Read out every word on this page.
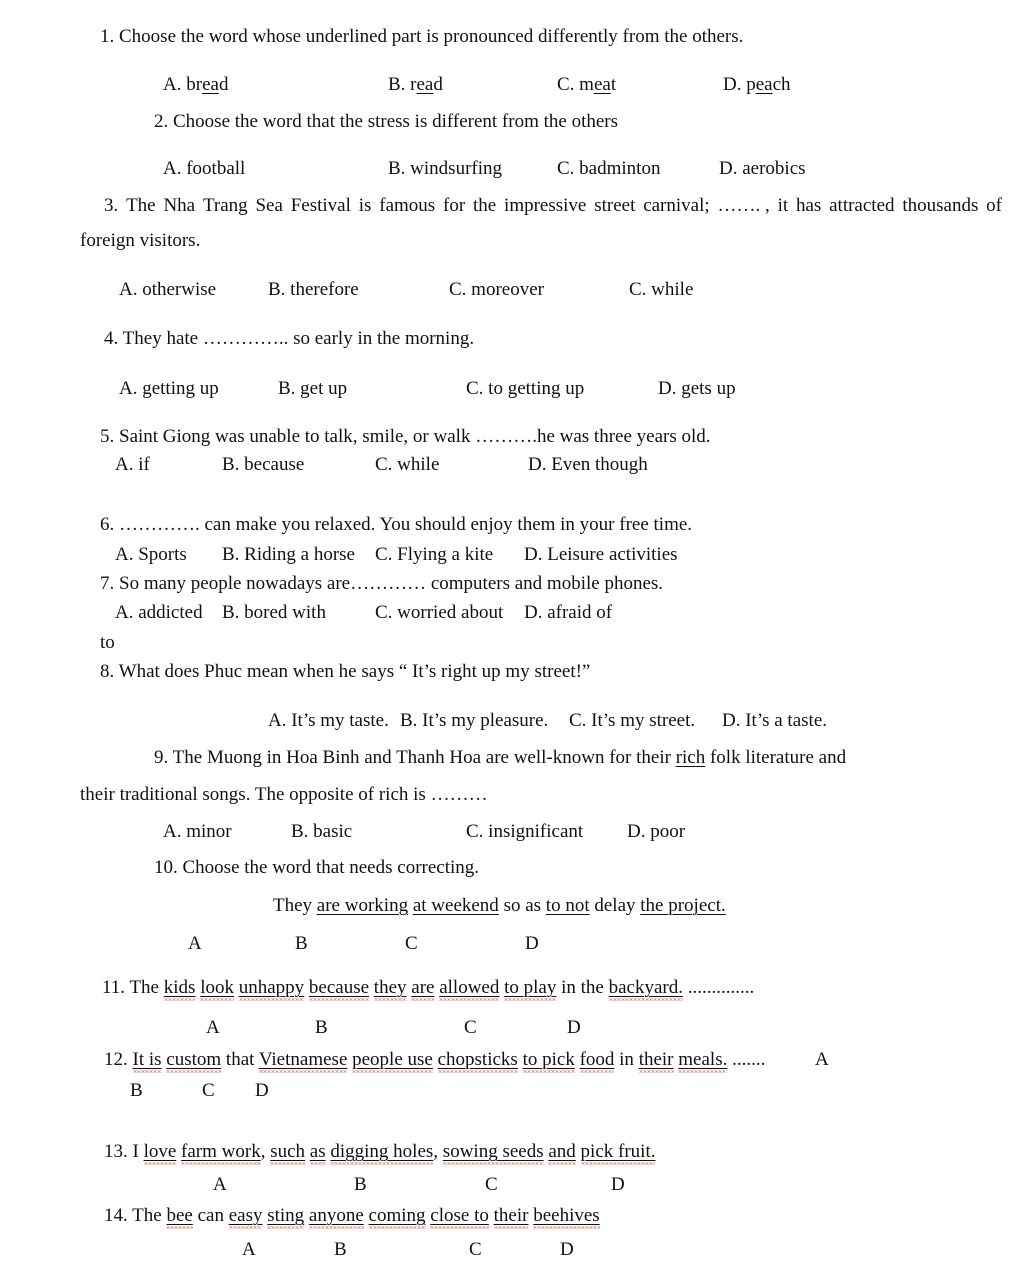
1. Choose the word whose underlined part is pronounced differently from the others.
A. bread	B. read	C. meat	D. peach
2. Choose the word that the stress is different from the others
A. football	B. windsurfing	C. badminton	D. aerobics
3. The Nha Trang Sea Festival is famous for the impressive street carnival; ……. , it has attracted thousands of
foreign visitors.
A. otherwise	B. therefore	C. moreover	C. while
4. They hate ………….. so early in the morning.
A. getting up	B. get up	C. to getting up	D. gets up
5. Saint Giong was unable to talk, smile, or walk ……….he was three years old.
A. if	B. because	C. while	D. Even though
6. …………. can make you relaxed. You should enjoy them in your free time.
A. Sports B. Riding a horse C. Flying a kite D. Leisure activities
7. So many people nowadays are………… computers and mobile phones.
A. addicted B. bored with	C. worried about D. afraid of
to
8. What does Phuc mean when he says “ It’s right up my street!”
A. It’s my taste. B. It’s my pleasure. C. It’s my street. D. It’s a taste.
9. The Muong in Hoa Binh and Thanh Hoa are well-known for their rich folk literature and
their traditional songs. The opposite of rich is ………
A. minor	B. basic	C. insignificant D. poor
10. Choose the word that needs correcting.
They are working at weekend so as to not delay the project.
A	B	C	D
11. The kids look unhappy because they are allowed to play in the backyard. ..............
A	B	C	D
12. It is custom that Vietnamese people use chopsticks to pick food in their meals. .......	A
B	C D
13. I love farm work, such as digging holes, sowing seeds and pick fruit.
A	B	C	D
14. The bee can easy sting anyone coming close to their beehives
A	B	C	D
